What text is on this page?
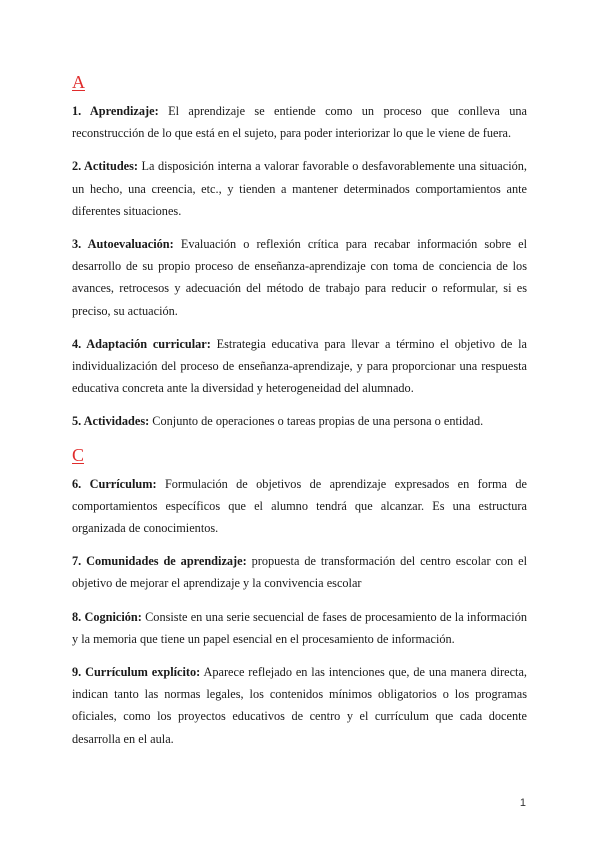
A

1. Aprendizaje: El aprendizaje se entiende como un proceso que conlleva una reconstrucción de lo que está en el sujeto, para poder interiorizar lo que le viene de fuera.

2. Actitudes: La disposición interna a valorar favorable o desfavorablemente una situación, un hecho, una creencia, etc., y tienden a mantener determinados comportamientos ante diferentes situaciones.

3. Autoevaluación: Evaluación o reflexión crítica para recabar información sobre el desarrollo de su propio proceso de enseñanza-aprendizaje con toma de conciencia de los avances, retrocesos y adecuación del método de trabajo para reducir o reformular, si es preciso, su actuación.

4. Adaptación curricular: Estrategia educativa para llevar a término el objetivo de la individualización del proceso de enseñanza-aprendizaje, y para proporcionar una respuesta educativa concreta ante la diversidad y heterogeneidad del alumnado.

5. Actividades: Conjunto de operaciones o tareas propias de una persona o entidad.

C

6. Currículum: Formulación de objetivos de aprendizaje expresados en forma de comportamientos específicos que el alumno tendrá que alcanzar. Es una estructura organizada de conocimientos.

7. Comunidades de aprendizaje: propuesta de transformación del centro escolar con el objetivo de mejorar el aprendizaje y la convivencia escolar

8. Cognición: Consiste en una serie secuencial de fases de procesamiento de la información y la memoria que tiene un papel esencial en el procesamiento de información.

9. Currículum explícito: Aparece reflejado en las intenciones que, de una manera directa, indican tanto las normas legales, los contenidos mínimos obligatorios o los programas oficiales, como los proyectos educativos de centro y el currículum que cada docente desarrolla en el aula.

1
